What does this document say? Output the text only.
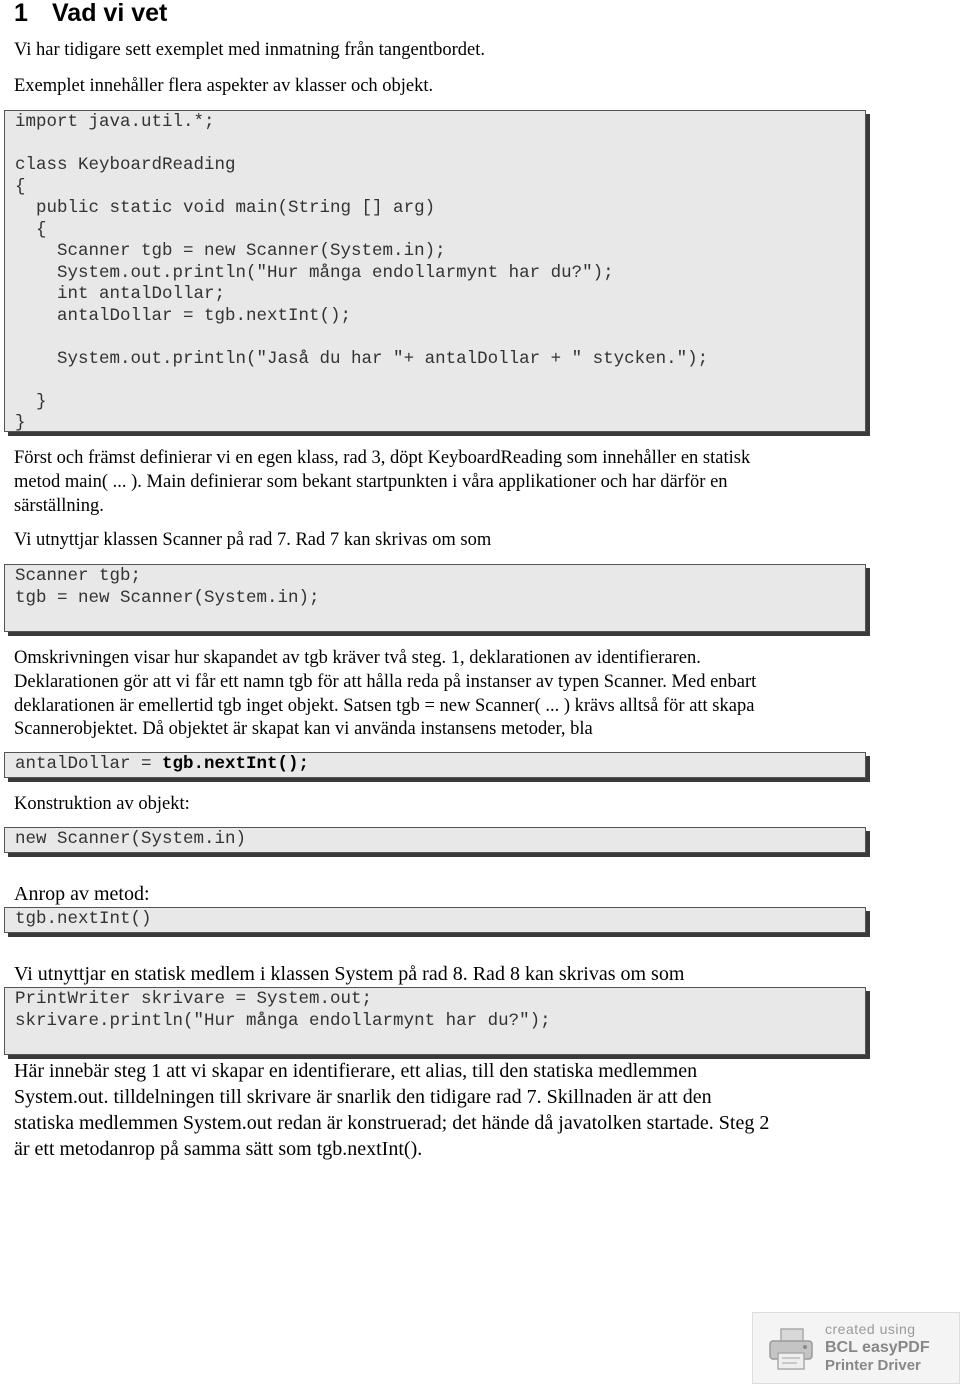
1 Vad vi vet

Vi har tidigare sett exemplet med inmatning från tangentbordet.

Exemplet innehåller flera aspekter av klasser och objekt.

import java.util.*;

class KeyboardReading
{
public static void main(String [] arg)
{
Scanner tgb = new Scanner(System.in);
System.out.println("Hur många endollarmynt har du?");
int antalDollar;
antalDollar = tgb.nextInt();

System.out.println("Jaså du har "+ antalDollar + " stycken.");

}
}

Först och främst definierar vi en egen klass, rad 3, döpt KeyboardReading som innehåller en statisk

metod main( ... ). Main definierar som bekant startpunkten i våra applikationer och har därför en

särställning.

Vi utnyttjar klassen Scanner på rad 7. Rad 7 kan skrivas om som

Scanner tgb;
tgb = new Scanner(System.in);

Omskrivningen visar hur skapandet av tgb kräver två steg. 1, deklarationen av identifieraren.

Deklarationen gör att vi får ett namn tgb för att hålla reda på instanser av typen Scanner. Med enbart

deklarationen är emellertid tgb inget objekt. Satsen tgb = new Scanner( ... ) krävs alltså för att skapa

Scannerobjektet. Då objektet är skapat kan vi använda instansens metoder, bla

antalDollar = tgb.nextInt();

Konstruktion av objekt:

new Scanner(System.in)

Anrop av metod:

tgb.nextInt()

Vi utnyttjar en statisk medlem i klassen System på rad 8. Rad 8 kan skrivas om som

PrintWriter skrivare = System.out;
skrivare.println("Hur många endollarmynt har du?");

Här innebär steg 1 att vi skapar en identifierare, ett alias, till den statiska medlemmen

System.out. tilldelningen till skrivare är snarlik den tidigare rad 7. Skillnaden är att den

statiska medlemmen System.out redan är konstruerad; det hände då javatolken startade. Steg 2

är ett metodanrop på samma sätt som tgb.nextInt().

created using
BCL easyPDF
Printer Driver
